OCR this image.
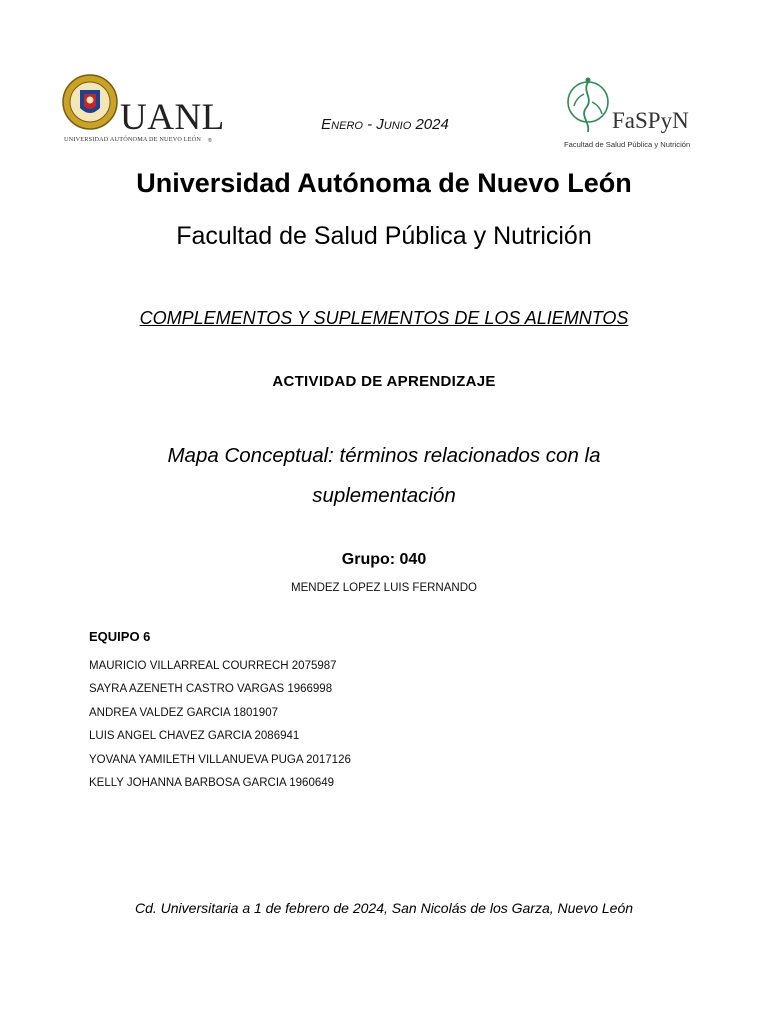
UANL
UNIVERSIDAD AUTÓNOMA DE NUEVO LEÓN ®
ENERO - JUNIO 2024	FaSPyN
Facultad de Salud Pública y Nutrición
Universidad Autónoma de Nuevo León
Facultad de Salud Pública y Nutrición
COMPLEMENTOS Y SUPLEMENTOS DE LOS ALIEMNTOS
ACTIVIDAD DE APRENDIZAJE
Mapa Conceptual: términos relacionados con la suplementación
Grupo: 040
MENDEZ LOPEZ LUIS FERNANDO
EQUIPO 6
MAURICIO VILLARREAL COURRECH 2075987
SAYRA AZENETH CASTRO VARGAS 1966998
ANDREA VALDEZ GARCIA 1801907
LUIS ANGEL CHAVEZ GARCIA 2086941
YOVANA YAMILETH VILLANUEVA PUGA 2017126
KELLY JOHANNA BARBOSA GARCIA 1960649
Cd. Universitaria a 1 de febrero de 2024, San Nicolás de los Garza, Nuevo León
